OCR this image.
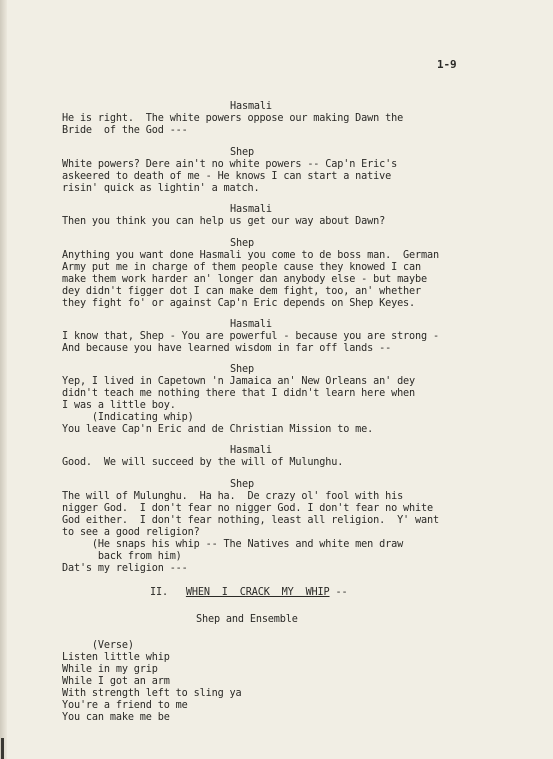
1-9
Hasmali
He is right.  The white powers oppose our making Dawn the
Bride  of the God ---
Shep
White powers? Dere ain't no white powers -- Cap'n Eric's
askeered to death of me - He knows I can start a native
risin' quick as lightin' a match.
Hasmali
Then you think you can help us get our way about Dawn?
Shep
Anything you want done Hasmali you come to de boss man.  German
Army put me in charge of them people cause they knowed I can
make them work harder an' longer dan anybody else - but maybe
dey didn't figger dot I can make dem fight, too, an' whether
they fight fo' or against Cap'n Eric depends on Shep Keyes.
Hasmali
I know that, Shep - You are powerful - because you are strong -
And because you have learned wisdom in far off lands --
Shep
Yep, I lived in Capetown 'n Jamaica an' New Orleans an' dey
didn't teach me nothing there that I didn't learn here when
I was a little boy.
(Indicating whip)
You leave Cap'n Eric and de Christian Mission to me.
Hasmali
Good.  We will succeed by the will of Mulunghu.
Shep
The will of Mulunghu.  Ha ha.  De crazy ol' fool with his
nigger God.  I don't fear no nigger God. I don't fear no white
God either.  I don't fear nothing, least all religion.  Y' want
to see a good religion?
(He snaps his whip -- The Natives and white men draw
back from him)
Dat's my religion ---
II. WHEN  I  CRACK  MY  WHIP --
Shep and Ensemble
(Verse)
Listen little whip
While in my grip
While I got an arm
With strength left to sling ya
You're a friend to me
You can make me be
